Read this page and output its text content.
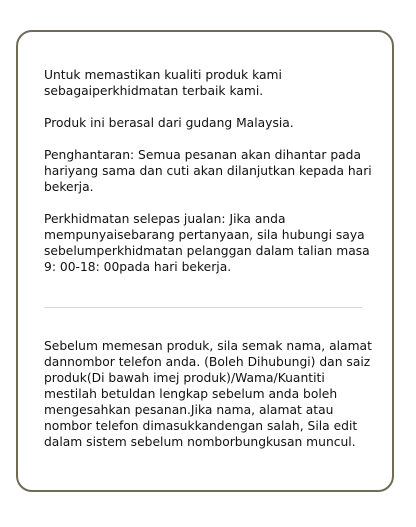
Untuk memastikan kualiti produk kami sebagaiperkhidmatan terbaik kami.

Produk ini berasal dari gudang Malaysia.

Penghantaran: Semua pesanan akan dihantar pada hariyang sama dan cuti akan dilanjutkan kepada hari bekerja.

Perkhidmatan selepas jualan: Jika anda mempunyaisebarang pertanyaan, sila hubungi saya sebelumperkhidmatan pelanggan dalam talian masa 9: 00-18: 00pada hari bekerja.

Sebelum memesan produk, sila semak nama, alamat dannombor telefon anda. (Boleh Dihubungi) dan saiz produk(Di bawah imej produk)/Wama/Kuantiti mestilah betuldan lengkap sebelum anda boleh mengesahkan pesanan.Jika nama, alamat atau nombor telefon dimasukkandengan salah, Sila edit dalam sistem sebelum nomborbungkusan muncul.
